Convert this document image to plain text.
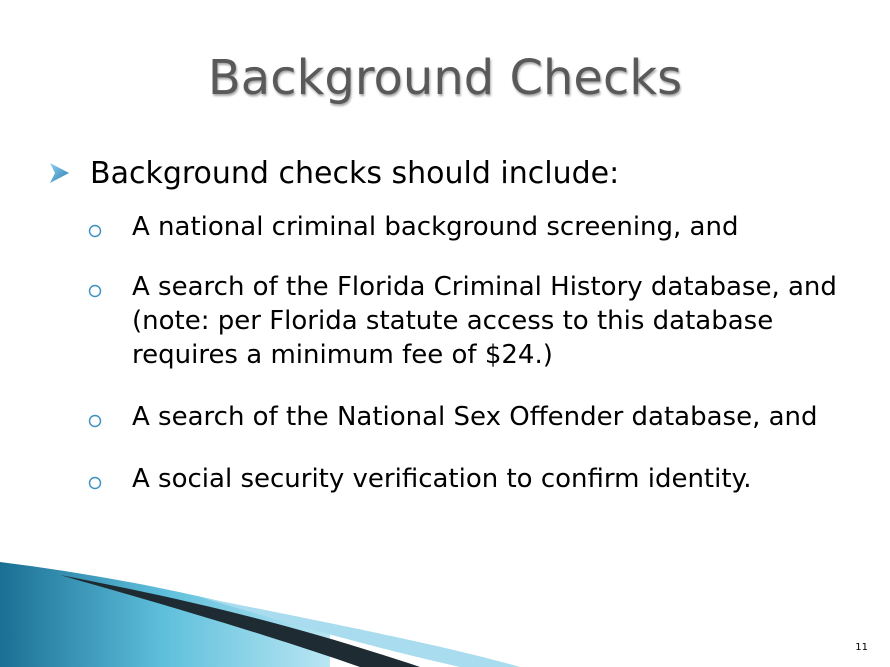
Background Checks
Background checks should include:
A national criminal background screening, and
A search of the Florida Criminal History database, and (note: per Florida statute access to this database requires a minimum fee of $24.)
A search of the National Sex Offender database, and
A social security verification to confirm identity.
11
